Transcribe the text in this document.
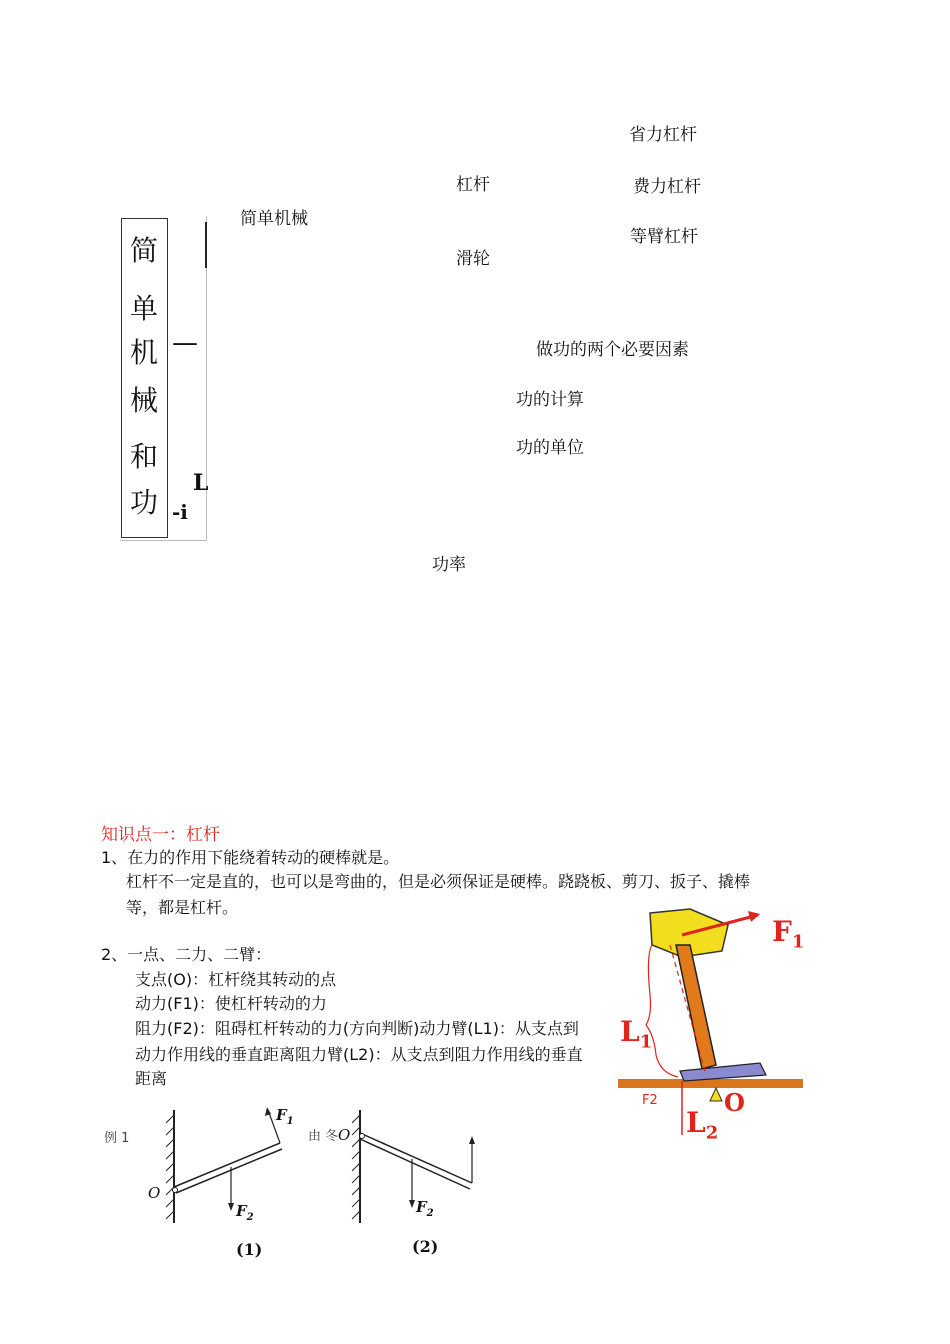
简
单
机
械
和
功
—
L
-i
简单机械
杠杆
滑轮
省力杠杆
费力杠杆
等臂杠杆
做功的两个必要因素
功的计算
功的单位
功率
知识点一：杠杆
1、在力的作用下能绕着转动的硬棒就是。
杠杆不一定是直的，也可以是弯曲的，但是必须保证是硬棒。跷跷板、剪刀、扳子、撬棒
等，都是杠杆。
2、一点、二力、二臂：
支点(O)：杠杆绕其转动的点
动力(F1)：使杠杆转动的力
阻力(F2)：阻碍杠杆转动的力(方向判断)动力臂(L1)：从支点到
动力作用线的垂直距离阻力臂(L2)：从支点到阻力作用线的垂直
距离
$F_1$
$L_1$
F2
$L_2$
O
例 1	由 冬
O
O
$F_1$
$F_2$
$F_2$
(1)	(2)
